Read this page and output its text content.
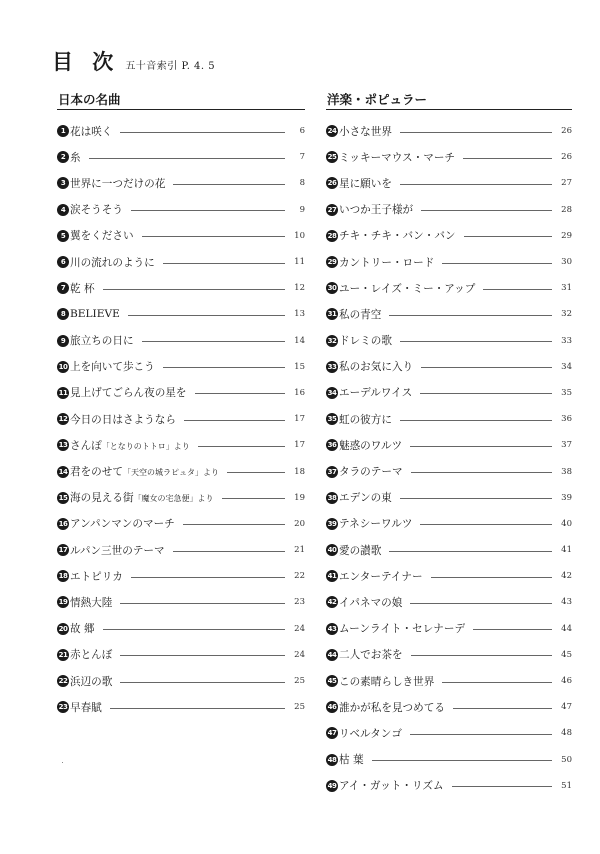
目 次 五十音索引 P. 4. 5
日本の名曲
1 花は咲く	6
2 糸	7
3 世界に一つだけの花	8
4 涙そうそう	9
5 翼をください	10
6 川の流れのように	11
7 乾 杯	12
8 BELIEVE	13
9 旅立ちの日に	14
10 上を向いて歩こう	15
11 見上げてごらん夜の星を	16
12 今日の日はさようなら	17
13 さんぽ「となりのトトロ」より	17
14 君をのせて「天空の城ラピュタ」より	18
15 海の見える街「魔女の宅急便」より	19
16 アンパンマンのマーチ	20
17 ルパン三世のテーマ	21
18 エトピリカ	22
19 情熱大陸	23
20 故 郷	24
21 赤とんぼ	24
22 浜辺の歌	25
23 早春賦	25
洋楽・ポピュラー
24 小さな世界	26
25 ミッキーマウス・マーチ	26
26 星に願いを	27
27 いつか王子様が	28
28 チキ・チキ・バン・バン	29
29 カントリー・ロード	30
30 ユー・レイズ・ミー・アップ	31
31 私の青空	32
32 ドレミの歌	33
33 私のお気に入り	34
34 エーデルワイス	35
35 虹の彼方に	36
36 魅惑のワルツ	37
37 タラのテーマ	38
38 エデンの東	39
39 テネシーワルツ	40
40 愛の讃歌	41
41 エンターテイナー	42
42 イパネマの娘	43
43 ムーンライト・セレナーデ	44
44 二人でお茶を	45
45 この素晴らしき世界	46
46 誰かが私を見つめてる	47
47 リベルタンゴ	48
48 枯 葉	50
49 アイ・ガット・リズム	51
